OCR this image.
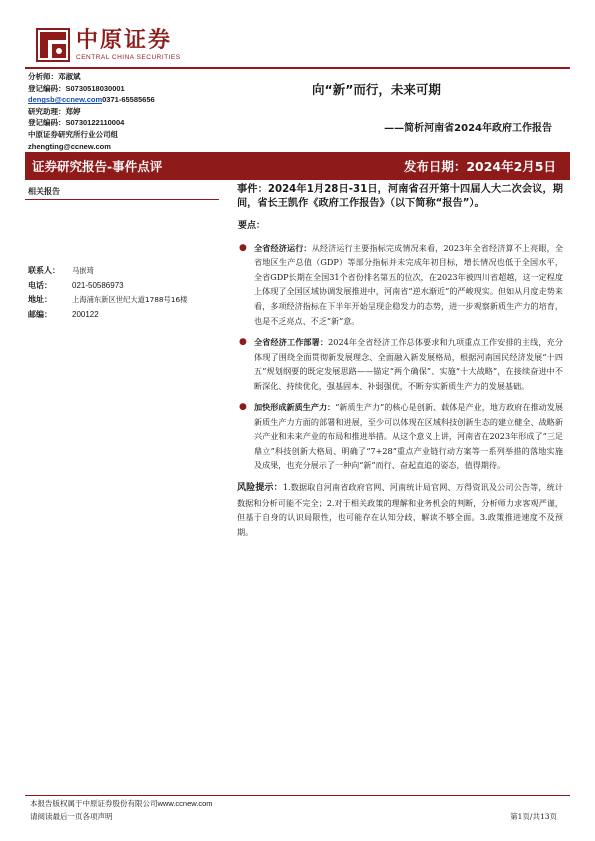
中原证券
CENTRAL CHINA SECURITIES
分析师：邓淑斌
登记编码：S0730518030001
dengsb@ccnew.com0371-65585656
研究助理：郑婷
登记编码：S0730122110004
中原证券研究所行业公司组
zhengting@ccnew.com
向“新”而行，未来可期
——简析河南省2024年政府工作报告
证券研究报告-事件点评	发布日期：2024年2月5日
相关报告
联系人：	马嵌琦
电话：	021-50586973
地址：	上海浦东新区世纪大道1788号16楼
邮编：	200122
事件：2024年1月28日-31日，河南省召开第十四届人大二次会议，期间，省长王凯作《政府工作报告》（以下简称“报告”）。
要点：
● 全省经济运行：从经济运行主要指标完成情况来看，2023年全省经济算不上亮眼，全省地区生产总值（GDP）等部分指标并未完成年初目标，增长情况也低于全国水平，全省GDP长期在全国31个省份排名第五的位次，在2023年被四川省超越，这一定程度上体现了全国区域协调发展推进中，河南省“逆水渐近”的严峻现实。但如从月度走势来看，多项经济指标在下半年开始呈现企稳发力的态势，进一步观察新质生产力的培育，也是不乏亮点、不乏“新”意。
● 全省经济工作部署：2024年全省经济工作总体要求和九项重点工作安排的主线，充分体现了围绕全面贯彻新发展理念、全面融入新发展格局，根据河南国民经济发展“十四五”规划纲要的既定发展思路——锚定“两个确保”、实施“十大战略”，在接续奋进中不断深化、持续优化，强基固本、补弱强优，不断夯实新质生产力的发展基础。
● 加快形成新质生产力：“新质生产力”的核心是创新、载体是产业，地方政府在推动发展新质生产力方面的部署和进展，至少可以体现在区域科技创新生态的建立健全、战略新兴产业和未来产业的布局和推进举措。从这个意义上讲，河南省在2023年形成了“三足鼎立”科技创新大格局、明确了“7+28”重点产业链行动方案等一系列举措的落地实施及成果，也充分展示了一种向“新”而行、奋起直追的姿态，值得期待。
风险提示：1.数据取自河南省政府官网、河南统计局官网、万得资讯及公司公告等，统计数据和分析可能不完全；2.对于相关政策的理解和业务机会的判断，分析师力求客观严谨，但基于自身的认识局限性，也可能存在认知分歧，解读不够全面。3.政策推进速度不及预期。
本报告版权属于中原证券股份有限公司www.ccnew.com
请阅读最后一页各项声明	第1页/共13页
